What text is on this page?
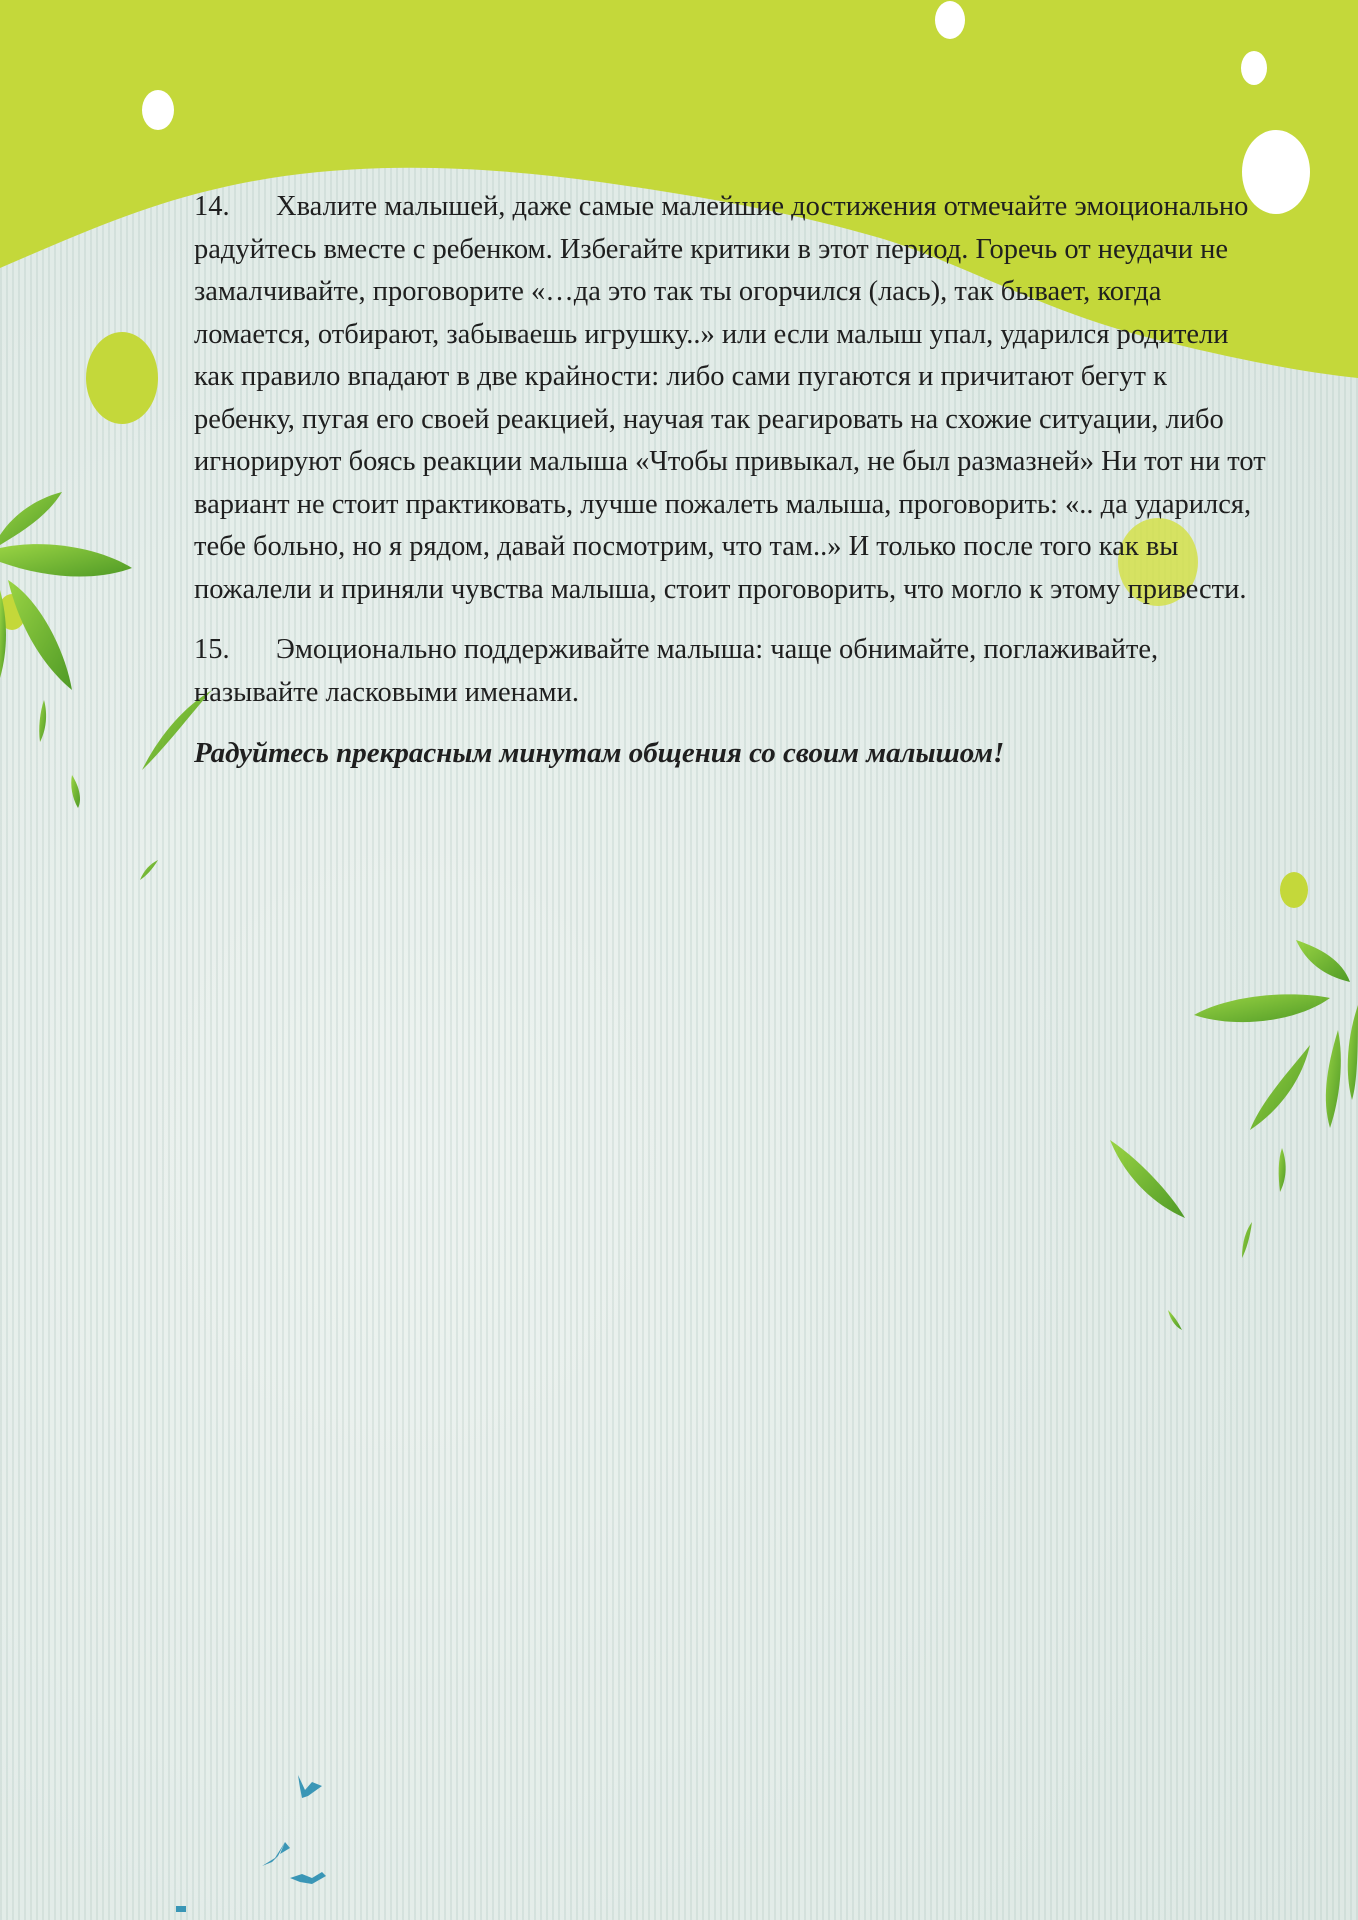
14. Хвалите малышей, даже самые малейшие достижения отмечайте эмоционально радуйтесь вместе с ребенком. Избегайте критики в этот период. Горечь от неудачи не замалчивайте, проговорите «…да это так ты огорчился (лась), так бывает, когда ломается, отбирают, забываешь игрушку..» или если малыш упал, ударился родители как правило впадают в две крайности: либо сами пугаются и причитают бегут к ребенку, пугая его своей реакцией, научая так реагировать на схожие ситуации, либо игнорируют боясь реакции малыша «Чтобы привыкал, не был размазней» Ни тот ни тот вариант не стоит практиковать, лучше пожалеть малыша, проговорить: «.. да ударился, тебе больно, но я рядом, давай посмотрим, что там..» И только после того как вы пожалели и приняли чувства малыша, стоит проговорить, что могло к этому привести.

15. Эмоционально поддерживайте малыша: чаще обнимайте, поглаживайте, называйте ласковыми именами.

Радуйтесь прекрасным минутам общения со своим малышом!
